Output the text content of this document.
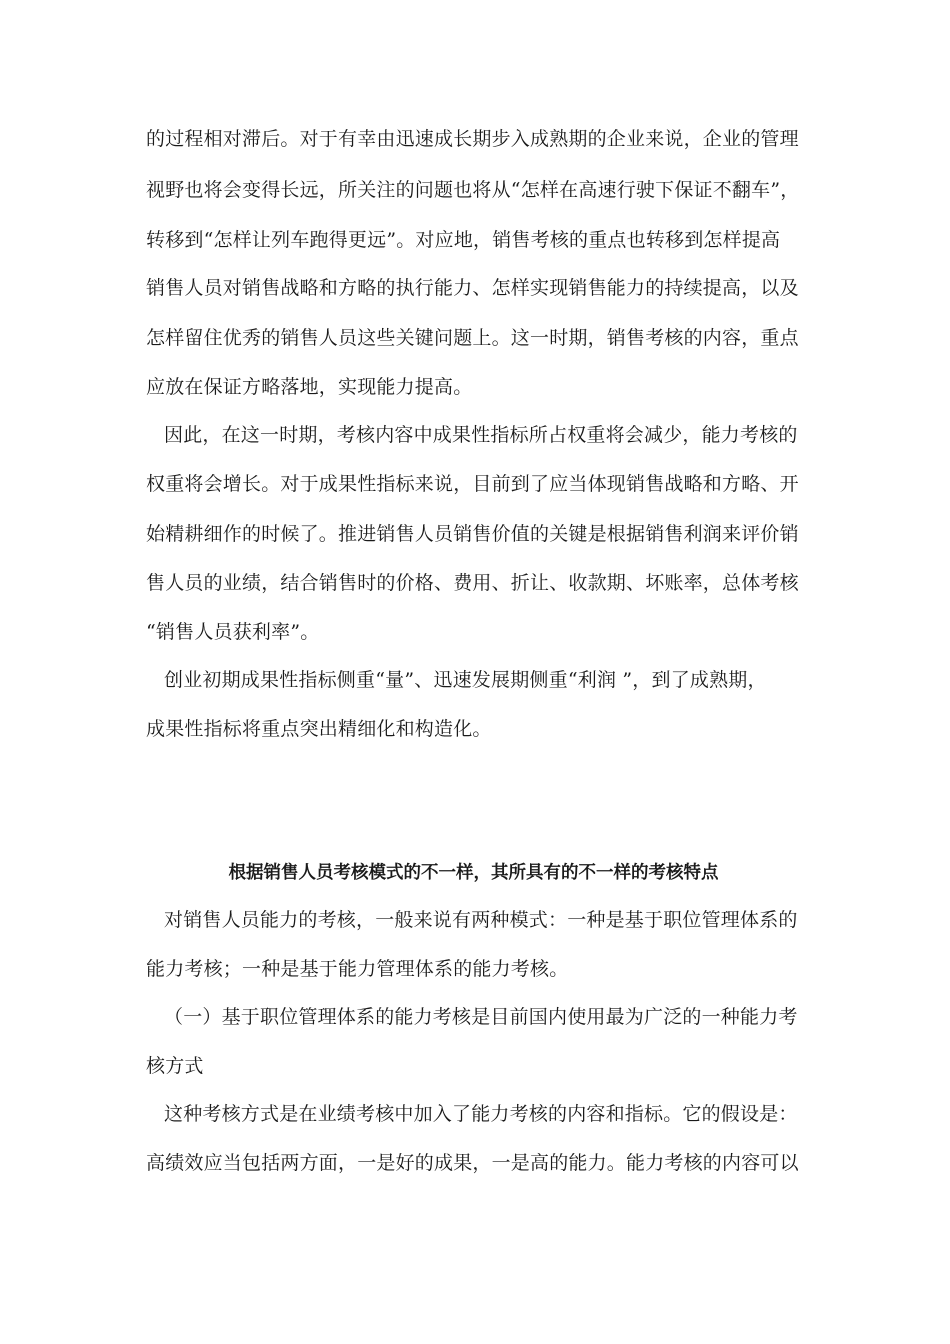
的过程相对滞后。对于有幸由迅速成长期步入成熟期的企业来说，企业的管理
视野也将会变得长远，所关注的问题也将从“怎样在高速行驶下保证不翻车”，
转移到“怎样让列车跑得更远”。对应地，销售考核的重点也转移到怎样提高
销售人员对销售战略和方略的执行能力、怎样实现销售能力的持续提高，以及
怎样留住优秀的销售人员这些关键问题上。这一时期，销售考核的内容，重点
应放在保证方略落地，实现能力提高。
因此，在这一时期，考核内容中成果性指标所占权重将会减少，能力考核的
权重将会增长。对于成果性指标来说，目前到了应当体现销售战略和方略、开
始精耕细作的时候了。推进销售人员销售价值的关键是根据销售利润来评价销
售人员的业绩，结合销售时的价格、费用、折让、收款期、坏账率，总体考核
“销售人员获利率”。
创业初期成果性指标侧重“量”、迅速发展期侧重“利润 ”，到了成熟期，
成果性指标将重点突出精细化和构造化。
根据销售人员考核模式的不一样，其所具有的不一样的考核特点
对销售人员能力的考核，一般来说有两种模式：一种是基于职位管理体系的
能力考核；一种是基于能力管理体系的能力考核。
（一）基于职位管理体系的能力考核是目前国内使用最为广泛的一种能力考
核方式
这种考核方式是在业绩考核中加入了能力考核的内容和指标。它的假设是：
高绩效应当包括两方面，一是好的成果，一是高的能力。能力考核的内容可以
